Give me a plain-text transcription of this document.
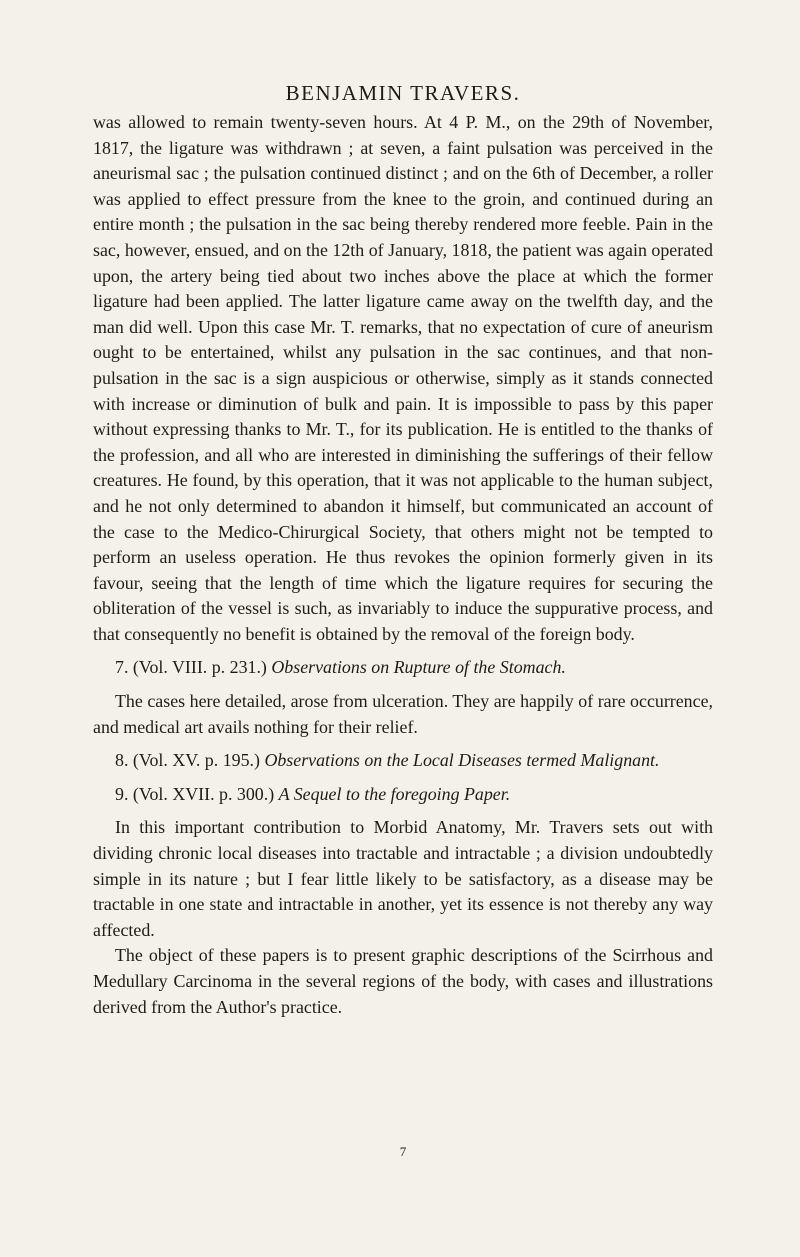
BENJAMIN TRAVERS.

was allowed to remain twenty-seven hours. At 4 P. M., on the 29th of November, 1817, the ligature was withdrawn ; at seven, a faint pulsation was perceived in the aneurismal sac ; the pulsation continued distinct ; and on the 6th of December, a roller was applied to effect pressure from the knee to the groin, and continued during an entire month ; the pulsation in the sac being thereby rendered more feeble. Pain in the sac, however, ensued, and on the 12th of January, 1818, the patient was again operated upon, the artery being tied about two inches above the place at which the former ligature had been applied. The latter ligature came away on the twelfth day, and the man did well. Upon this case Mr. T. remarks, that no expectation of cure of aneurism ought to be entertained, whilst any pulsation in the sac continues, and that non-pulsation in the sac is a sign auspicious or otherwise, simply as it stands connected with increase or diminution of bulk and pain. It is impossible to pass by this paper without expressing thanks to Mr. T., for its publication. He is entitled to the thanks of the profession, and all who are interested in diminishing the sufferings of their fellow creatures. He found, by this operation, that it was not applicable to the human subject, and he not only determined to abandon it himself, but communicated an account of the case to the Medico-Chirurgical Society, that others might not be tempted to perform an useless operation. He thus revokes the opinion formerly given in its favour, seeing that the length of time which the ligature requires for securing the obliteration of the vessel is such, as invariably to induce the suppurative process, and that consequently no benefit is obtained by the removal of the foreign body.

7. (Vol. VIII. p. 231.) Observations on Rupture of the Stomach.

The cases here detailed, arose from ulceration. They are happily of rare occurrence, and medical art avails nothing for their relief.

8. (Vol. XV. p. 195.) Observations on the Local Diseases termed Malignant.

9. (Vol. XVII. p. 300.) A Sequel to the foregoing Paper.

In this important contribution to Morbid Anatomy, Mr. Travers sets out with dividing chronic local diseases into tractable and intractable ; a division undoubtedly simple in its nature ; but I fear little likely to be satisfactory, as a disease may be tractable in one state and intractable in another, yet its essence is not thereby any way affected.

The object of these papers is to present graphic descriptions of the Scirrhous and Medullary Carcinoma in the several regions of the body, with cases and illustrations derived from the Author's practice.

7
